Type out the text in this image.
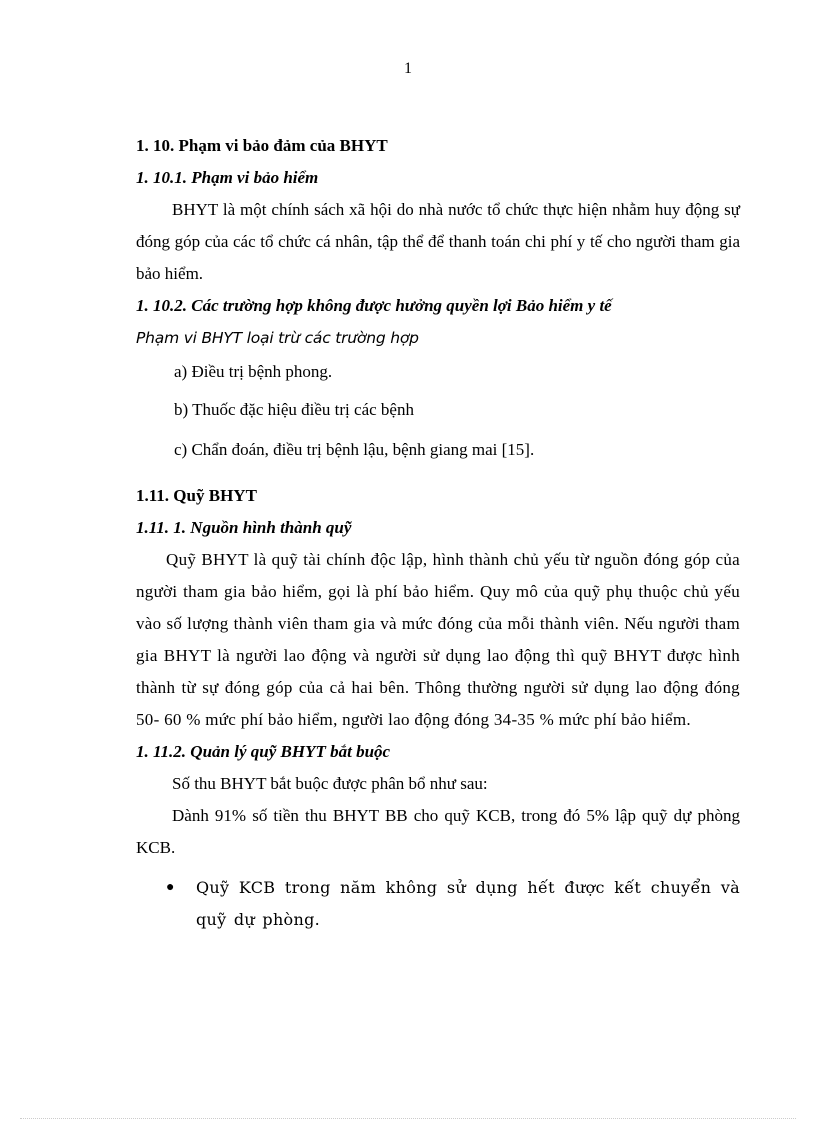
1

1. 10. Phạm vi bảo đảm của BHYT

1. 10.1. Phạm vi bảo hiểm

BHYT là một chính sách xã hội do nhà nước tổ chức thực hiện nhằm huy động sự đóng góp của các tổ chức cá nhân, tập thể để thanh toán chi phí y tế cho người tham gia bảo hiểm.

1. 10.2. Các trường hợp không được hưởng quyền lợi Bảo hiểm y tế

Phạm vi BHYT loại trừ các trường hợp

a) Điều trị bệnh phong.

b) Thuốc đặc hiệu điều trị các bệnh

c) Chẩn đoán, điều trị bệnh lậu, bệnh giang mai [15].

1.11. Quỹ BHYT

1.11. 1. Nguồn hình thành quỹ

Quỹ BHYT là quỹ tài chính độc lập, hình thành chủ yếu từ nguồn đóng góp của người tham gia bảo hiểm, gọi là phí bảo hiểm. Quy mô của quỹ phụ thuộc chủ yếu vào số lượng thành viên tham gia và mức đóng của mỗi thành viên. Nếu người tham gia BHYT là người lao động và người sử dụng lao động thì quỹ BHYT được hình thành từ sự đóng góp của cả hai bên. Thông thường người sử dụng lao động đóng 50- 60 % mức phí bảo hiểm, người lao động đóng 34-35 % mức phí bảo hiểm.

1. 11.2. Quản lý quỹ BHYT bắt buộc

Số thu BHYT bắt buộc được phân bổ như sau:

Dành 91% số tiền thu BHYT BB cho quỹ KCB, trong đó 5% lập quỹ dự phòng KCB.

●	Quỹ KCB trong năm không sử dụng hết được kết chuyển và quỹ dự phòng.
